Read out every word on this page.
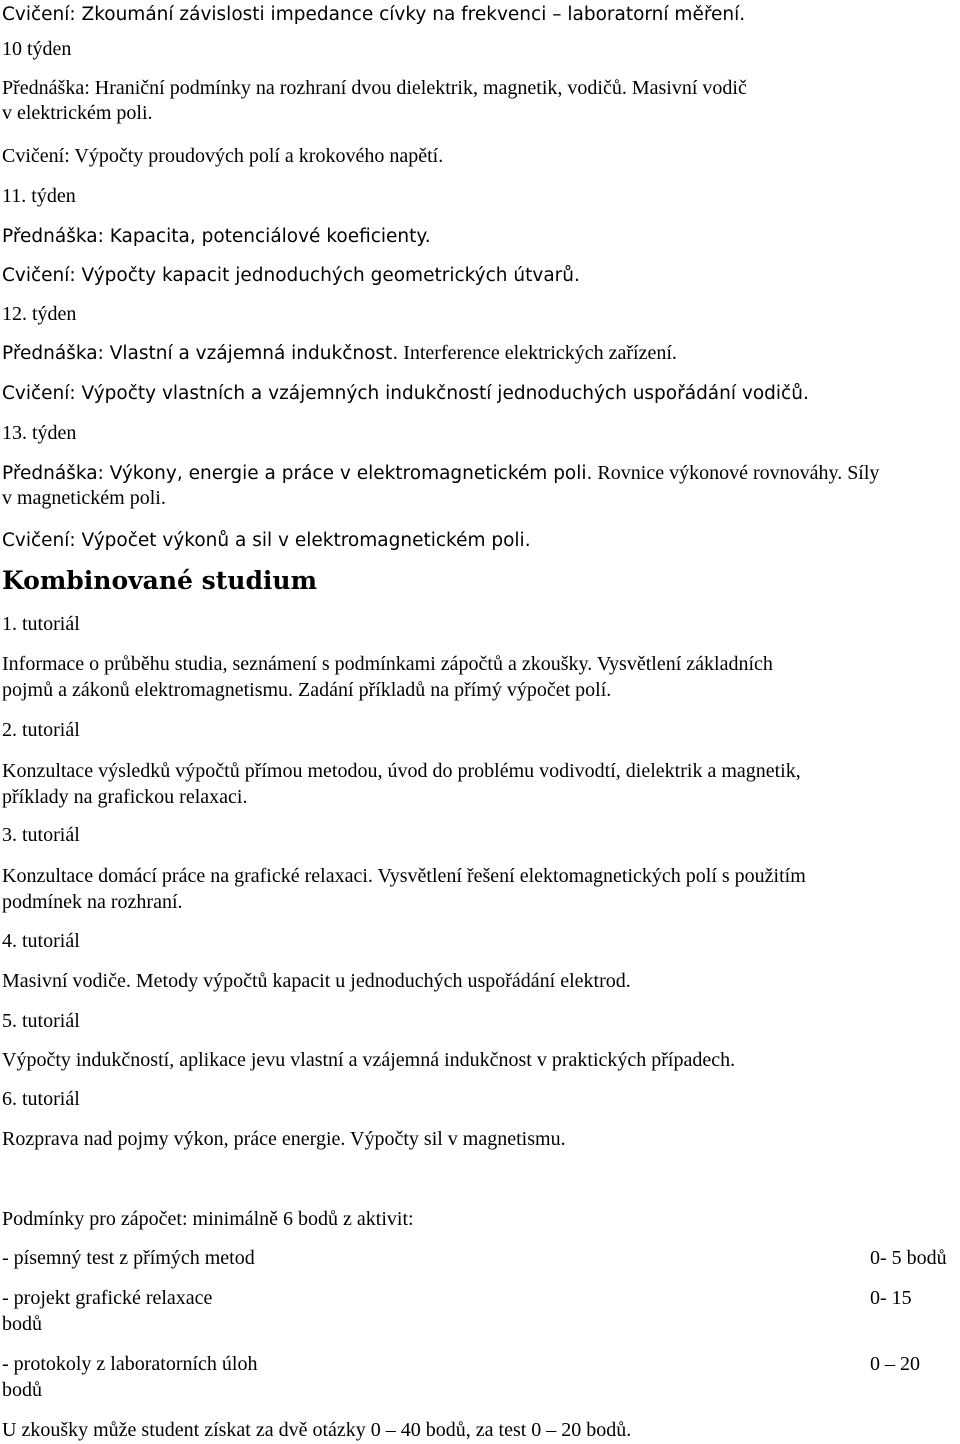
Cvičení: Zkoumání závislosti impedance cívky na frekvenci – laboratorní měření.
10 týden
Přednáška: Hraniční podmínky na rozhraní dvou dielektrik, magnetik, vodičů. Masivní vodič
v elektrickém poli.
Cvičení: Výpočty proudových polí a krokového napětí.
11. týden
Přednáška: Kapacita, potenciálové koeficienty.
Cvičení: Výpočty kapacit jednoduchých geometrických útvarů.
12. týden
Přednáška: Vlastní a vzájemná indukčnost. Interference elektrických zařízení.
Cvičení: Výpočty vlastních a vzájemných indukčností jednoduchých uspořádání vodičů.
13. týden
Přednáška: Výkony, energie a práce v elektromagnetickém poli. Rovnice výkonové rovnováhy. Síly
v magnetickém poli.
Cvičení: Výpočet výkonů a sil v elektromagnetickém poli.
Kombinované studium
1. tutoriál
Informace o průběhu studia, seznámení s podmínkami zápočtů a zkoušky. Vysvětlení základních
pojmů a zákonů elektromagnetismu. Zadání příkladů na přímý výpočet polí.
2. tutoriál
Konzultace výsledků výpočtů přímou metodou, úvod do problému vodivodtí, dielektrik a magnetik,
příklady na grafickou relaxaci.
3. tutoriál
Konzultace domácí práce na grafické relaxaci. Vysvětlení řešení elektomagnetických polí s použitím
podmínek na rozhraní.
4. tutoriál
Masivní vodiče. Metody výpočtů kapacit u jednoduchých uspořádání elektrod.
5. tutoriál
Výpočty indukčností, aplikace jevu vlastní a vzájemná indukčnost v praktických případech.
6. tutoriál
Rozprava nad pojmy výkon, práce energie. Výpočty sil v magnetismu.
Podmínky pro zápočet: minimálně 6 bodů z aktivit:
- písemný test z přímých metod	0- 5 bodů
- projekt grafické relaxace	0- 15
bodů
- protokoly z laboratorních úloh	0 – 20
bodů
U zkoušky může student získat za dvě otázky 0 – 40 bodů, za test 0 – 20 bodů.
